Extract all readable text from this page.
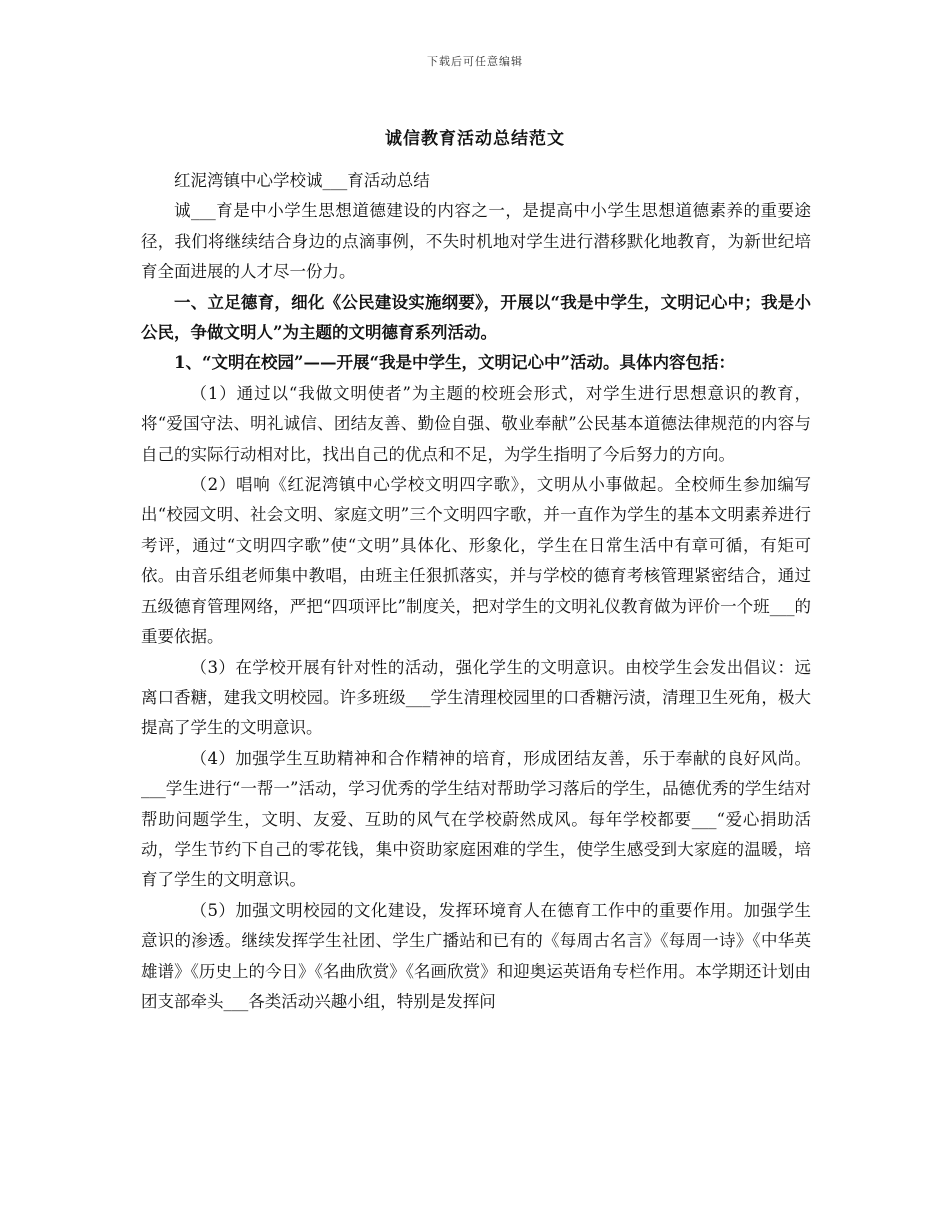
下载后可任意编辑
诚信教育活动总结范文

红泥湾镇中心学校诚___育活动总结

诚___育是中小学生思想道德建设的内容之一，是提高中小学生思想道德素养的重要途径，我们将继续结合身边的点滴事例，不失时机地对学生进行潜移默化地教育，为新世纪培育全面进展的人才尽一份力。

一、立足德育，细化《公民建设实施纲要》，开展以“我是中学生，文明记心中；我是小公民，争做文明人”为主题的文明德育系列活动。

1、“文明在校园”——开展“我是中学生，文明记心中”活动。具体内容包括：

（1）通过以“我做文明使者”为主题的校班会形式，对学生进行思想意识的教育，将“爱国守法、明礼诚信、团结友善、勤俭自强、敬业奉献”公民基本道德法律规范的内容与自己的实际行动相对比，找出自己的优点和不足，为学生指明了今后努力的方向。

（2）唱响《红泥湾镇中心学校文明四字歌》，文明从小事做起。全校师生参加编写出“校园文明、社会文明、家庭文明”三个文明四字歌，并一直作为学生的基本文明素养进行考评，通过“文明四字歌”使“文明”具体化、形象化，学生在日常生活中有章可循，有矩可依。由音乐组老师集中教唱，由班主任狠抓落实，并与学校的德育考核管理紧密结合，通过五级德育管理网络，严把“四项评比”制度关，把对学生的文明礼仪教育做为评价一个班___的重要依据。

（3）在学校开展有针对性的活动，强化学生的文明意识。由校学生会发出倡议：远离口香糖，建我文明校园。许多班级___学生清理校园里的口香糖污渍，清理卫生死角，极大提高了学生的文明意识。

（4）加强学生互助精神和合作精神的培育，形成团结友善，乐于奉献的良好风尚。___学生进行“一帮一”活动，学习优秀的学生结对帮助学习落后的学生，品德优秀的学生结对帮助问题学生，文明、友爱、互助的风气在学校蔚然成风。每年学校都要___“爱心捐助活动，学生节约下自己的零花钱，集中资助家庭困难的学生，使学生感受到大家庭的温暖，培育了学生的文明意识。

（5）加强文明校园的文化建设，发挥环境育人在德育工作中的重要作用。加强学生意识的渗透。继续发挥学生社团、学生广播站和已有的《每周古名言》《每周一诗》《中华英雄谱》《历史上的今日》《名曲欣赏》《名画欣赏》和迎奥运英语角专栏作用。本学期还计划由团支部牵头___各类活动兴趣小组，特别是发挥问
